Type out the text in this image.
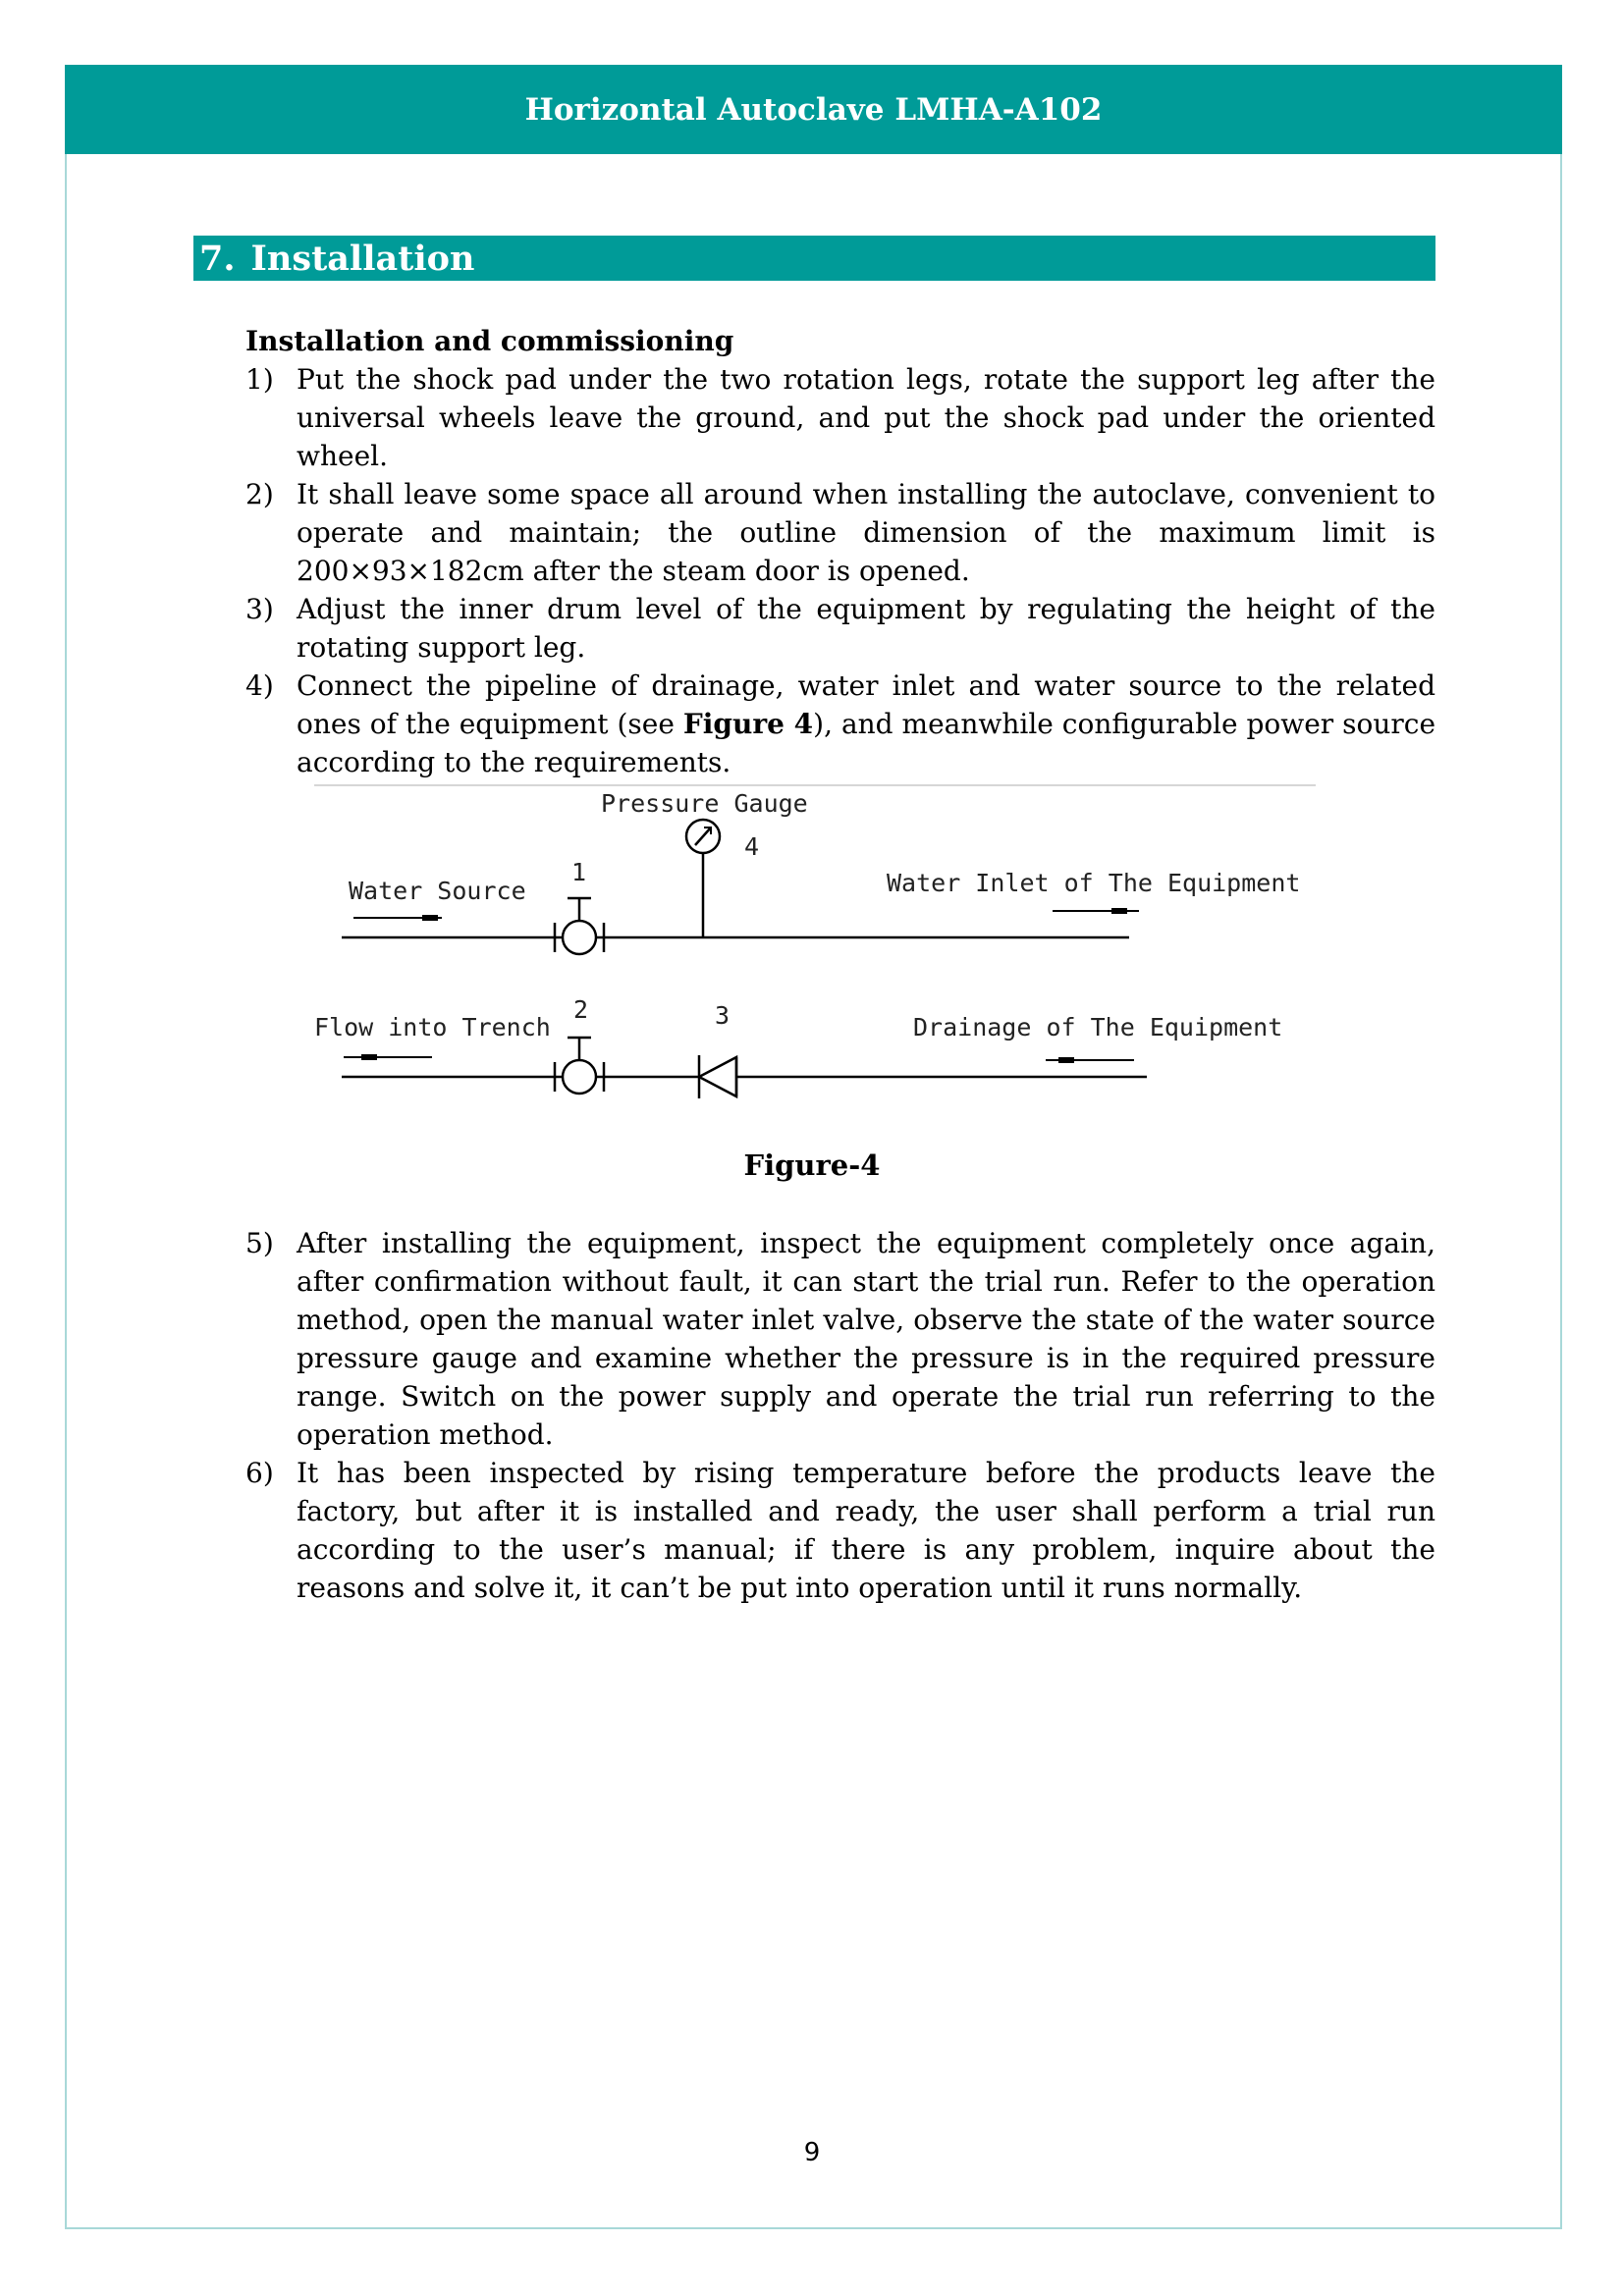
Horizontal Autoclave LMHA-A102
7. Installation

Installation and commissioning

1) Put the shock pad under the two rotation legs, rotate the support leg after the universal wheels leave the ground, and put the shock pad under the oriented wheel.
2) It shall leave some space all around when installing the autoclave, convenient to operate and maintain; the outline dimension of the maximum limit is 200×93×182cm after the steam door is opened.
3) Adjust the inner drum level of the equipment by regulating the height of the rotating support leg.
4) Connect the pipeline of drainage, water inlet and water source to the related ones of the equipment (see Figure 4), and meanwhile configurable power source according to the requirements.
Pressure Gauge
Water Source	Water Inlet of The Equipment
Flow into Trench	Drainage of The Equipment
1
4
2	3
Figure-4
5) After installing the equipment, inspect the equipment completely once again, after confirmation without fault, it can start the trial run. Refer to the operation method, open the manual water inlet valve, observe the state of the water source pressure gauge and examine whether the pressure is in the required pressure range. Switch on the power supply and operate the trial run referring to the operation method.
6) It has been inspected by rising temperature before the products leave the factory, but after it is installed and ready, the user shall perform a trial run according to the user’s manual; if there is any problem, inquire about the reasons and solve it, it can’t be put into operation until it runs normally.
9
